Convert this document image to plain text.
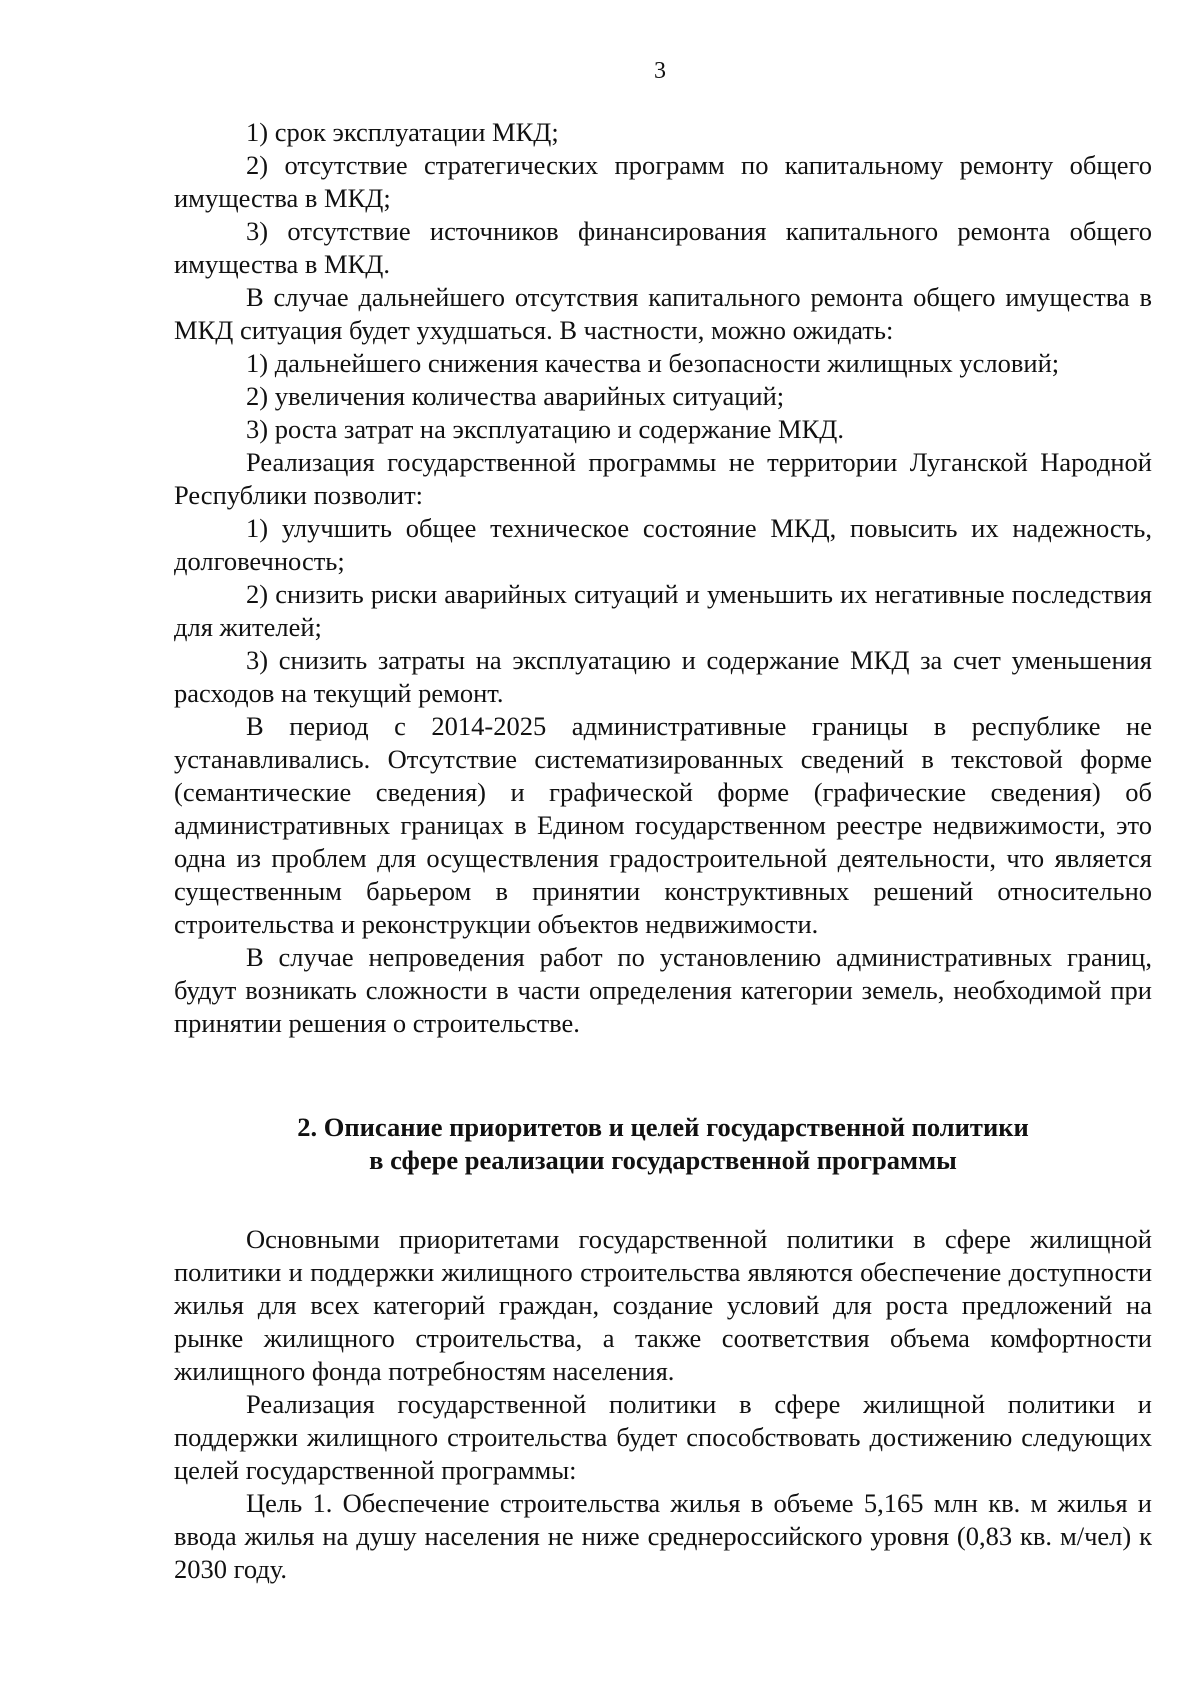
3

1) срок эксплуатации МКД;

2) отсутствие стратегических программ по капитальному ремонту общего имущества в МКД;

3) отсутствие источников финансирования капитального ремонта общего имущества в МКД.

В случае дальнейшего отсутствия капитального ремонта общего имущества в МКД ситуация будет ухудшаться. В частности, можно ожидать:

1) дальнейшего снижения качества и безопасности жилищных условий;

2) увеличения количества аварийных ситуаций;

3) роста затрат на эксплуатацию и содержание МКД.

Реализация государственной программы не территории Луганской Народной Республики позволит:

1) улучшить общее техническое состояние МКД, повысить их надежность, долговечность;

2) снизить риски аварийных ситуаций и уменьшить их негативные последствия для жителей;

3) снизить затраты на эксплуатацию и содержание МКД за счет уменьшения расходов на текущий ремонт.

В период с 2014-2025 административные границы в республике не устанавливались. Отсутствие систематизированных сведений в текстовой форме (семантические сведения) и графической форме (графические сведения) об административных границах в Едином государственном реестре недвижимости, это одна из проблем для осуществления градостроительной деятельности, что является существенным барьером в принятии конструктивных решений относительно строительства и реконструкции объектов недвижимости.

В случае непроведения работ по установлению административных границ, будут возникать сложности в части определения категории земель, необходимой при принятии решения о строительстве.

2. Описание приоритетов и целей государственной политики
в сфере реализации государственной программы

Основными приоритетами государственной политики в сфере жилищной политики и поддержки жилищного строительства являются обеспечение доступности жилья для всех категорий граждан, создание условий для роста предложений на рынке жилищного строительства, а также соответствия объема комфортности жилищного фонда потребностям населения.

Реализация государственной политики в сфере жилищной политики и поддержки жилищного строительства будет способствовать достижению следующих целей государственной программы:

Цель 1. Обеспечение строительства жилья в объеме 5,165 млн кв. м жилья и ввода жилья на душу населения не ниже среднероссийского уровня (0,83 кв. м/чел) к 2030 году.
